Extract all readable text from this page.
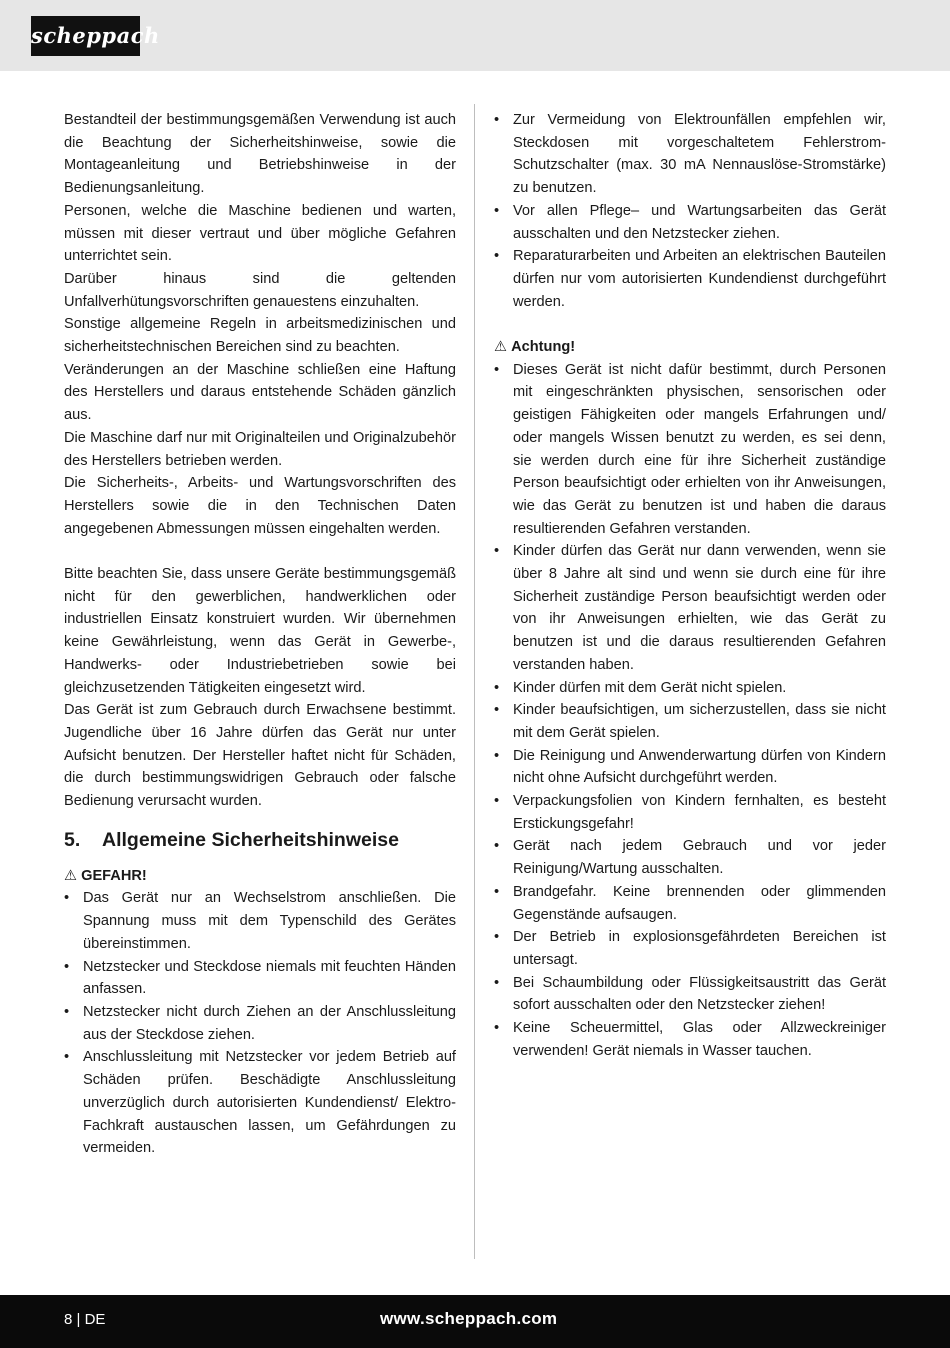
scheppach

Bestandteil der bestimmungsgemäßen Verwendung ist auch die Beachtung der Sicherheitshinweise, sowie die Montageanleitung und Betriebshinweise in der Bedienungsanleitung.

Personen, welche die Maschine bedienen und warten, müssen mit dieser vertraut und über mögliche Gefahren unterrichtet sein.

Darüber hinaus sind die geltenden Unfallverhütungsvorschriften genauestens einzuhalten.

Sonstige allgemeine Regeln in arbeitsmedizinischen und sicherheitstechnischen Bereichen sind zu beachten.

Veränderungen an der Maschine schließen eine Haftung des Herstellers und daraus entstehende Schäden gänzlich aus.

Die Maschine darf nur mit Originalteilen und Originalzubehör des Herstellers betrieben werden.

Die Sicherheits-, Arbeits- und Wartungsvorschriften des Herstellers sowie die in den Technischen Daten angegebenen Abmessungen müssen eingehalten werden.

Bitte beachten Sie, dass unsere Geräte bestimmungsgemäß nicht für den gewerblichen, handwerklichen oder industriellen Einsatz konstruiert wurden. Wir übernehmen keine Gewährleistung, wenn das Gerät in Gewerbe-, Handwerks- oder Industriebetrieben sowie bei gleichzusetzenden Tätigkeiten eingesetzt wird.

Das Gerät ist zum Gebrauch durch Erwachsene bestimmt. Jugendliche über 16 Jahre dürfen das Gerät nur unter Aufsicht benutzen. Der Hersteller haftet nicht für Schäden, die durch bestimmungswidrigen Gebrauch oder falsche Bedienung verursacht wurden.

5. Allgemeine Sicherheitshinweise

⚠ GEFAHR!

• Das Gerät nur an Wechselstrom anschließen. Die Spannung muss mit dem Typenschild des Gerätes übereinstimmen.
• Netzstecker und Steckdose niemals mit feuchten Händen anfassen.
• Netzstecker nicht durch Ziehen an der Anschlussleitung aus der Steckdose ziehen.
• Anschlussleitung mit Netzstecker vor jedem Betrieb auf Schäden prüfen. Beschädigte Anschlussleitung unverzüglich durch autorisierten Kundendienst/ Elektro-Fachkraft austauschen lassen, um Gefährdungen zu vermeiden.
• Zur Vermeidung von Elektrounfällen empfehlen wir, Steckdosen mit vorgeschaltetem Fehlerstrom-Schutzschalter (max. 30 mA Nennauslöse-Stromstärke) zu benutzen.
• Vor allen Pflege– und Wartungsarbeiten das Gerät ausschalten und den Netzstecker ziehen.
• Reparaturarbeiten und Arbeiten an elektrischen Bauteilen dürfen nur vom autorisierten Kundendienst durchgeführt werden.

⚠ Achtung!

• Dieses Gerät ist nicht dafür bestimmt, durch Personen mit eingeschränkten physischen, sensorischen oder geistigen Fähigkeiten oder mangels Erfahrungen und/ oder mangels Wissen benutzt zu werden, es sei denn, sie werden durch eine für ihre Sicherheit zuständige Person beaufsichtigt oder erhielten von ihr Anweisungen, wie das Gerät zu benutzen ist und haben die daraus resultierenden Gefahren verstanden.
• Kinder dürfen das Gerät nur dann verwenden, wenn sie über 8 Jahre alt sind und wenn sie durch eine für ihre Sicherheit zuständige Person beaufsichtigt werden oder von ihr Anweisungen erhielten, wie das Gerät zu benutzen ist und die daraus resultierenden Gefahren verstanden haben.
• Kinder dürfen mit dem Gerät nicht spielen.
• Kinder beaufsichtigen, um sicherzustellen, dass sie nicht mit dem Gerät spielen.
• Die Reinigung und Anwenderwartung dürfen von Kindern nicht ohne Aufsicht durchgeführt werden.
• Verpackungsfolien von Kindern fernhalten, es besteht Erstickungsgefahr!
• Gerät nach jedem Gebrauch und vor jeder Reinigung/Wartung ausschalten.
• Brandgefahr. Keine brennenden oder glimmenden Gegenstände aufsaugen.
• Der Betrieb in explosionsgefährdeten Bereichen ist untersagt.
• Bei Schaumbildung oder Flüssigkeitsaustritt das Gerät sofort ausschalten oder den Netzstecker ziehen!
• Keine Scheuermittel, Glas oder Allzweckreiniger verwenden! Gerät niemals in Wasser tauchen.
8 | DE	www.scheppach.com
